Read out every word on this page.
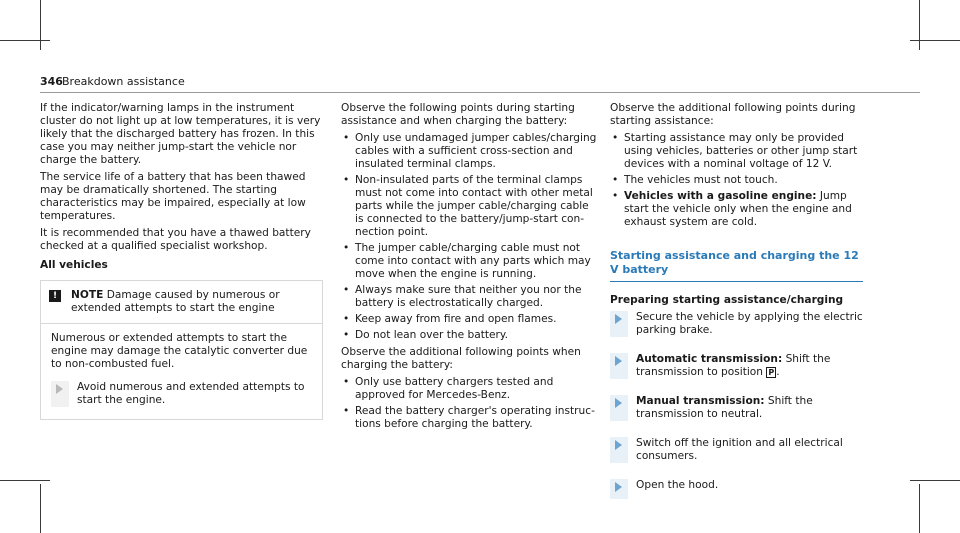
346 Breakdown assistance

If the indicator/warning lamps in the instrument cluster do not light up at low temperatures, it is very likely that the discharged battery has frozen. In this case you may neither jump-start the vehicle nor charge the battery.

The service life of a battery that has been thawed may be dramatically shortened. The starting characteristics may be impaired, especially at low temperatures.

It is recommended that you have a thawed battery checked at a qualified specialist workshop.

All vehicles

!	NOTE Damage caused by numerous or extended attempts to start the engine

Numerous or extended attempts to start the engine may damage the catalytic converter due to non-combusted fuel.

Avoid numerous and extended attempts to start the engine.

Observe the following points during starting assistance and when charging the battery:

• Only use undamaged jumper cables/charging cables with a sufficient cross-section and insulated terminal clamps.
• Non-insulated parts of the terminal clamps must not come into contact with other metal parts while the jumper cable/charging cable is connected to the battery/jump-start connection point.
• The jumper cable/charging cable must not come into contact with any parts which may move when the engine is running.
• Always make sure that neither you nor the battery is electrostatically charged.
• Keep away from fire and open flames.
• Do not lean over the battery.

Observe the additional following points when charging the battery:

• Only use battery chargers tested and approved for Mercedes-Benz.
• Read the battery charger's operating instructions before charging the battery.

Observe the additional following points during starting assistance:

• Starting assistance may only be provided using vehicles, batteries or other jump start devices with a nominal voltage of 12 V.
• The vehicles must not touch.
• Vehicles with a gasoline engine: Jump start the vehicle only when the engine and exhaust system are cold.
Starting assistance and charging the 12 V battery

Preparing starting assistance/charging

Secure the vehicle by applying the electric parking brake.
Automatic transmission: Shift the transmission to position P .
Manual transmission: Shift the transmission to neutral.
Switch off the ignition and all electrical consumers.
Open the hood.
